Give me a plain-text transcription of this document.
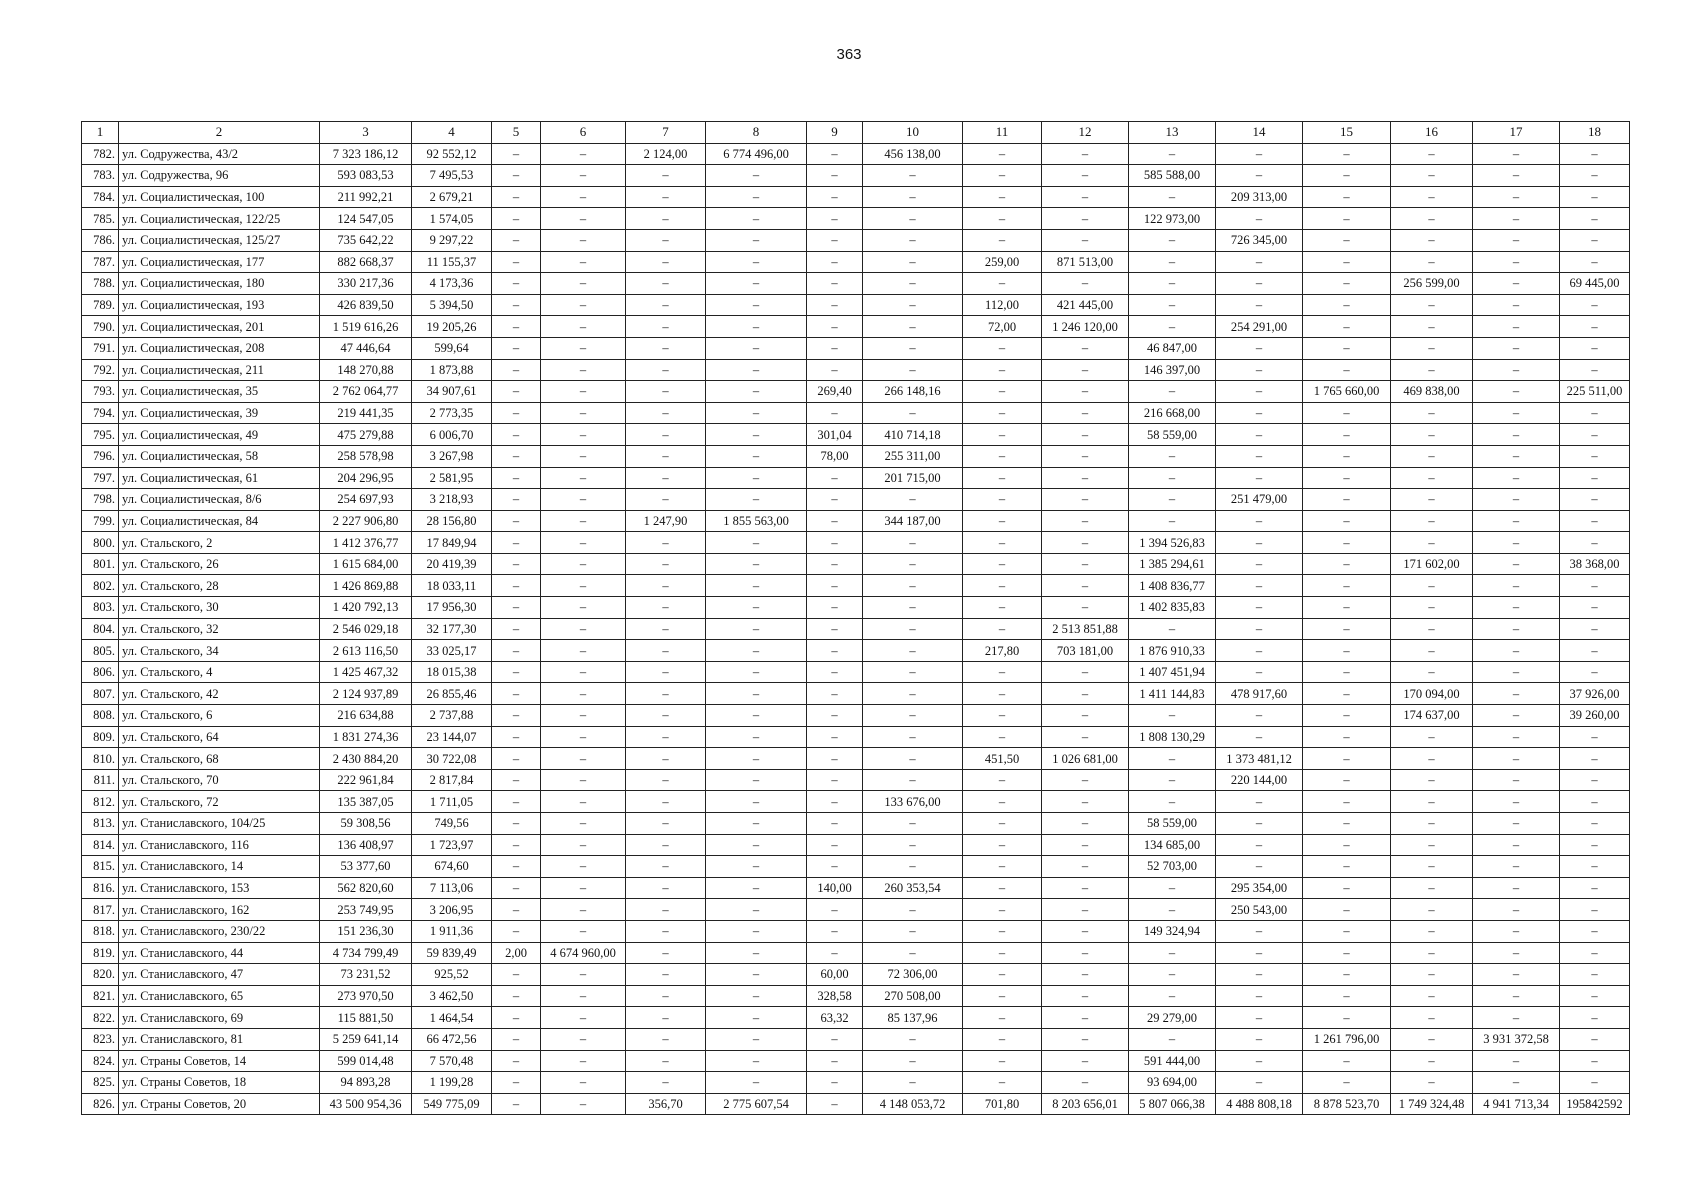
363
1	2	3	4	5	6	7	8	9	10	11	12	13	14	15	16	17	18
782.	ул. Содружества, 43/2	7 323 186,12	92 552,12	–	–	2 124,00	6 774 496,00	–	456 138,00	–	–	–	–	–	–	–	–
783.	ул. Содружества, 96	593 083,53	7 495,53	–	–	–	–	–	–	–	–	585 588,00	–	–	–	–	–
784.	ул. Социалистическая, 100	211 992,21	2 679,21	–	–	–	–	–	–	–	–	–	209 313,00	–	–	–	–
785.	ул. Социалистическая, 122/25	124 547,05	1 574,05	–	–	–	–	–	–	–	–	122 973,00	–	–	–	–	–
786.	ул. Социалистическая, 125/27	735 642,22	9 297,22	–	–	–	–	–	–	–	–	–	726 345,00	–	–	–	–
787.	ул. Социалистическая, 177	882 668,37	11 155,37	–	–	–	–	–	–	259,00	871 513,00	–	–	–	–	–	–
788.	ул. Социалистическая, 180	330 217,36	4 173,36	–	–	–	–	–	–	–	–	–	–	–	256 599,00	–	69 445,00
789.	ул. Социалистическая, 193	426 839,50	5 394,50	–	–	–	–	–	–	112,00	421 445,00	–	–	–	–	–	–
790.	ул. Социалистическая, 201	1 519 616,26	19 205,26	–	–	–	–	–	–	72,00	1 246 120,00	–	254 291,00	–	–	–	–
791.	ул. Социалистическая, 208	47 446,64	599,64	–	–	–	–	–	–	–	–	46 847,00	–	–	–	–	–
792.	ул. Социалистическая, 211	148 270,88	1 873,88	–	–	–	–	–	–	–	–	146 397,00	–	–	–	–	–
793.	ул. Социалистическая, 35	2 762 064,77	34 907,61	–	–	–	–	269,40	266 148,16	–	–	–	–	1 765 660,00	469 838,00	–	225 511,00
794.	ул. Социалистическая, 39	219 441,35	2 773,35	–	–	–	–	–	–	–	–	216 668,00	–	–	–	–	–
795.	ул. Социалистическая, 49	475 279,88	6 006,70	–	–	–	–	301,04	410 714,18	–	–	58 559,00	–	–	–	–	–
796.	ул. Социалистическая, 58	258 578,98	3 267,98	–	–	–	–	78,00	255 311,00	–	–	–	–	–	–	–	–
797.	ул. Социалистическая, 61	204 296,95	2 581,95	–	–	–	–	–	201 715,00	–	–	–	–	–	–	–	–
798.	ул. Социалистическая, 8/6	254 697,93	3 218,93	–	–	–	–	–	–	–	–	–	251 479,00	–	–	–	–
799.	ул. Социалистическая, 84	2 227 906,80	28 156,80	–	–	1 247,90	1 855 563,00	–	344 187,00	–	–	–	–	–	–	–	–
800.	ул. Стальского, 2	1 412 376,77	17 849,94	–	–	–	–	–	–	–	–	1 394 526,83	–	–	–	–	–
801.	ул. Стальского, 26	1 615 684,00	20 419,39	–	–	–	–	–	–	–	–	1 385 294,61	–	–	171 602,00	–	38 368,00
802.	ул. Стальского, 28	1 426 869,88	18 033,11	–	–	–	–	–	–	–	–	1 408 836,77	–	–	–	–	–
803.	ул. Стальского, 30	1 420 792,13	17 956,30	–	–	–	–	–	–	–	–	1 402 835,83	–	–	–	–	–
804.	ул. Стальского, 32	2 546 029,18	32 177,30	–	–	–	–	–	–	–	2 513 851,88	–	–	–	–	–	–
805.	ул. Стальского, 34	2 613 116,50	33 025,17	–	–	–	–	–	–	217,80	703 181,00	1 876 910,33	–	–	–	–	–
806.	ул. Стальского, 4	1 425 467,32	18 015,38	–	–	–	–	–	–	–	–	1 407 451,94	–	–	–	–	–
807.	ул. Стальского, 42	2 124 937,89	26 855,46	–	–	–	–	–	–	–	–	1 411 144,83	478 917,60	–	170 094,00	–	37 926,00
808.	ул. Стальского, 6	216 634,88	2 737,88	–	–	–	–	–	–	–	–	–	–	–	174 637,00	–	39 260,00
809.	ул. Стальского, 64	1 831 274,36	23 144,07	–	–	–	–	–	–	–	–	1 808 130,29	–	–	–	–	–
810.	ул. Стальского, 68	2 430 884,20	30 722,08	–	–	–	–	–	–	451,50	1 026 681,00	–	1 373 481,12	–	–	–	–
811.	ул. Стальского, 70	222 961,84	2 817,84	–	–	–	–	–	–	–	–	–	220 144,00	–	–	–	–
812.	ул. Стальского, 72	135 387,05	1 711,05	–	–	–	–	–	133 676,00	–	–	–	–	–	–	–	–
813.	ул. Станиславского, 104/25	59 308,56	749,56	–	–	–	–	–	–	–	–	58 559,00	–	–	–	–	–
814.	ул. Станиславского, 116	136 408,97	1 723,97	–	–	–	–	–	–	–	–	134 685,00	–	–	–	–	–
815.	ул. Станиславского, 14	53 377,60	674,60	–	–	–	–	–	–	–	–	52 703,00	–	–	–	–	–
816.	ул. Станиславского, 153	562 820,60	7 113,06	–	–	–	–	140,00	260 353,54	–	–	–	295 354,00	–	–	–	–
817.	ул. Станиславского, 162	253 749,95	3 206,95	–	–	–	–	–	–	–	–	–	250 543,00	–	–	–	–
818.	ул. Станиславского, 230/22	151 236,30	1 911,36	–	–	–	–	–	–	–	–	149 324,94	–	–	–	–	–
819.	ул. Станиславского, 44	4 734 799,49	59 839,49	2,00	4 674 960,00	–	–	–	–	–	–	–	–	–	–	–	–
820.	ул. Станиславского, 47	73 231,52	925,52	–	–	–	–	60,00	72 306,00	–	–	–	–	–	–	–	–
821.	ул. Станиславского, 65	273 970,50	3 462,50	–	–	–	–	328,58	270 508,00	–	–	–	–	–	–	–	–
822.	ул. Станиславского, 69	115 881,50	1 464,54	–	–	–	–	63,32	85 137,96	–	–	29 279,00	–	–	–	–	–
823.	ул. Станиславского, 81	5 259 641,14	66 472,56	–	–	–	–	–	–	–	–	–	–	1 261 796,00	–	3 931 372,58	–
824.	ул. Страны Советов, 14	599 014,48	7 570,48	–	–	–	–	–	–	–	–	591 444,00	–	–	–	–	–
825.	ул. Страны Советов, 18	94 893,28	1 199,28	–	–	–	–	–	–	–	–	93 694,00	–	–	–	–	–
826.	ул. Страны Советов, 20	43 500 954,36	549 775,09	–	–	356,70	2 775 607,54	–	4 148 053,72	701,80	8 203 656,01	5 807 066,38	4 488 808,18	8 878 523,70	1 749 324,48	4 941 713,34	195842592
